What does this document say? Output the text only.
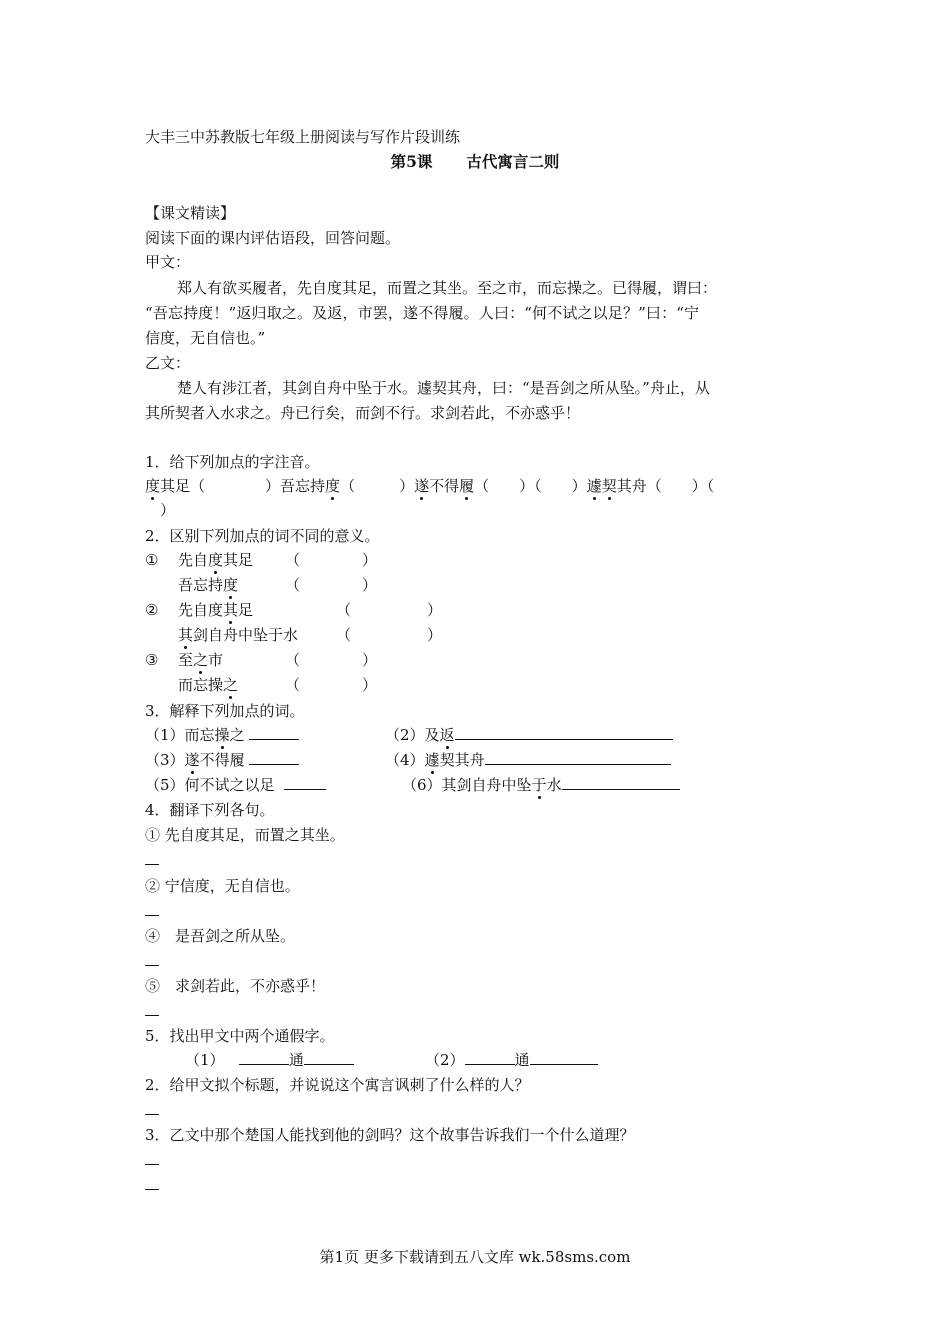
大丰三中苏教版七年级上册阅读与写作片段训练
第5课 古代寓言二则
【课文精读】
阅读下面的课内评估语段，回答问题。
甲文：
郑人有欲买履者，先自度其足，而置之其坐。至之市，而忘操之。已得履，谓曰：
“吾忘持度！”返归取之。及返，市罢，遂不得履。人曰：“何不试之以足？”曰：“宁
信度，无自信也。”
乙文：
楚人有涉江者，其剑自舟中坠于水。遽契其舟，曰：“是吾剑之所从坠。”舟止，从
其所契者入水求之。舟已行矣，而剑不行。求剑若此，不亦惑乎！
1．给下列加点的字注音。
度其足（	）吾忘持度（	）遂不得履（ ）（ ）遽契其舟（ ）（
）
2．区别下列加点的词不同的意义。
① 先自度其足 （	）
吾忘持度	（	）
② 先自度其足	（	）
其剑自舟中坠于水	（	）
③ 至之市	（	）
而忘操之	（	）
3．解释下列加点的词。
（1）而忘操之	（2）及返
（3）遂不得履	（4）遽契其舟
（5）何不试之以足	（6）其剑自舟中坠于水
4．翻译下列各句。
① 先自度其足，而置之其坐。
② 宁信度，无自信也。
④　是吾剑之所从坠。
⑤　求剑若此，不亦惑乎！
5．找出甲文中两个通假字。
（1）	通	（2）	通
2．给甲文拟个标题，并说说这个寓言讽刺了什么样的人？
3．乙文中那个楚国人能找到他的剑吗？这个故事告诉我们一个什么道理？
第1页 更多下载请到五八文库 wk.58sms.com
